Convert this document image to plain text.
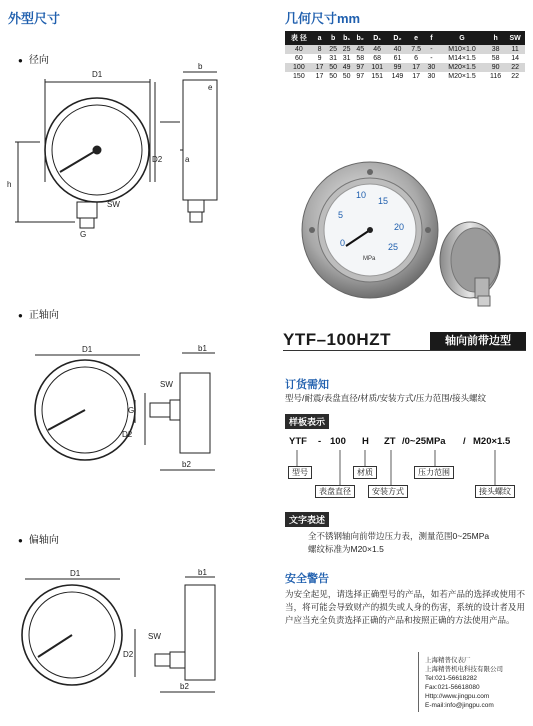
外型尺寸
● 径向
● 正轴向
● 偏轴向
D1
h
SW
G
b
e
a
D2
D1	b1
SW
G
D2
b2
D1	b1
SW
D2
b2
几何尺寸mm
表 径	a	b	b₁	b₂	D₁	D₂	e	f	G	h	SW
40	8	25	25	45	46	40	7.5	-	M10×1.0	38	11
60	9	31	31	58	68	61	6	-	M14×1.5	58	14
100	17	50	49	97	101	99	17	30	M20×1.5	90	22
150	17	50	50	97	151	149	17	30	M20×1.5	116	22
10
15
5
20
0	25
MPa
YTF–100HZT	轴向前带边型
订货需知
型号/耐震/表盘直径/材质/安装方式/压力范围/接头螺纹
样板表示
YTF - 100 H ZT /0~25MPa / M20×1.5
型号
表盘直径
材质
安装方式
压力范围
接头螺纹
文字表述
全不锈钢轴向前带边压力表，测量范围0~25MPa
螺纹标准为M20×1.5
安全警告
为安全起见，请选择正确型号的产品，如若产品的选择或使用不当，将可能会导致财产的损失或人身的伤害，系统的设计者及用户应当充全负责选择正确的产品和按照正确的方法使用产品。
上海精普仪表厂
上海精普机电科技有限公司
Tel:021-56618282
Fax:021-56618080
Http://www.jingpu.com
E-mail:info@jingpu.com
